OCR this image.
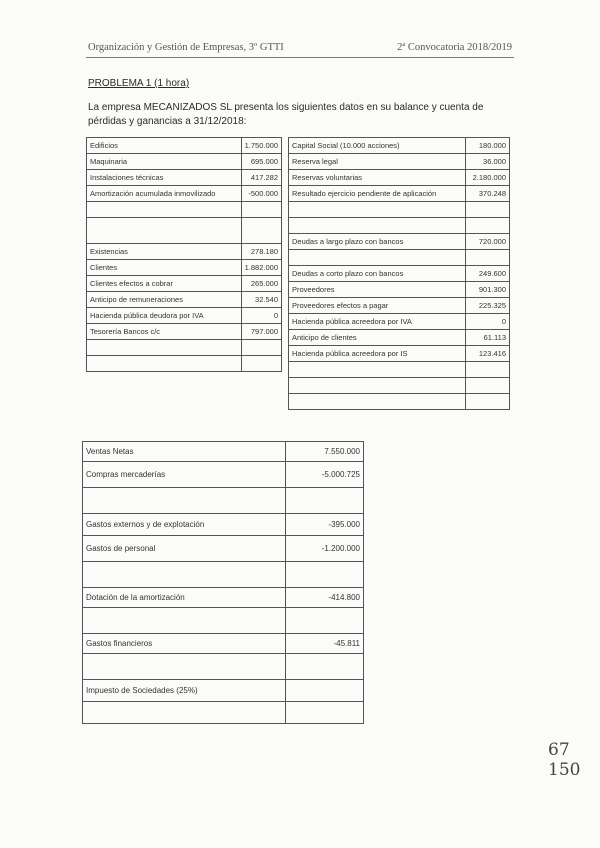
Organización y Gestión de Empresas, 3º GTTI	2ª Convocatoria 2018/2019
PROBLEMA 1 (1 hora)
La empresa MECANIZADOS SL presenta los siguientes datos en su balance y cuenta de pérdidas y ganancias a 31/12/2018:
Edificios	1.750.000
Maquinaria	695.000
Instalaciones técnicas	417.282
Amortización acumulada inmovilizado	-500.000

Existencias	278.180
Clientes	1.882.000
Clientes efectos a cobrar	265.000
Anticipo de remuneraciones	32.540
Hacienda pública deudora por IVA	0
Tesorería Bancos c/c	797.000

Capital Social (10.000 acciones)	180.000
Reserva legal	36.000
Reservas voluntarias	2.180.000
Resultado ejercicio pendiente de aplicación	370.248

Deudas a largo plazo con bancos	720.000

Deudas a corto plazo con bancos	249.600
Proveedores	901.300
Proveedores efectos a pagar	225.325
Hacienda pública acreedora por IVA	0
Anticipo de clientes	61.113
Hacienda pública acreedora por IS	123.416

Ventas Netas	7.550.000
Compras mercaderías	-5.000.725

Gastos externos y de explotación	-395.000
Gastos de personal	-1.200.000

Dotación de la amortización	-414.800

Gastos financieros	-45.811

Impuesto de Sociedades (25%)	

67
150
